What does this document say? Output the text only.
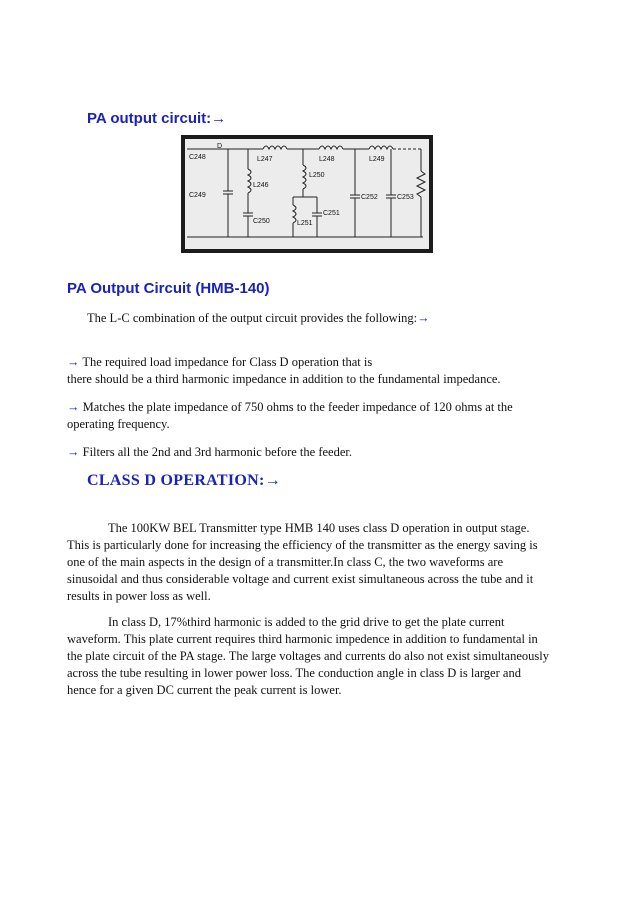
PA output circuit:→
C248
D
C249
L247	L248	L249
L246
L250
C250	L251
C251
C252	C253
PA Output Circuit (HMB-140)

The L-C combination of the output circuit provides the following:→

→ The required load impedance for Class D operation that is

there should be a third harmonic impedance in addition to the fundamental impedance.

→ Matches the plate impedance of 750 ohms to the feeder impedance of 120 ohms at the

operating frequency.

→ Filters all the 2nd and 3rd harmonic before the feeder.

CLASS D OPERATION:→

The 100KW BEL Transmitter type HMB 140 uses class D operation in output stage.

This is particularly done for increasing the efficiency of the transmitter as the energy saving is

one of the main aspects in the design of a transmitter.In class C, the two waveforms are

sinusoidal and thus considerable voltage and current exist simultaneous across the tube and it

results in power loss as well.

In class D, 17%third harmonic is added to the grid drive to get the plate current

waveform. This plate current requires third harmonic impedence in addition to fundamental in

the plate circuit of the PA stage. The large voltages and currents do also not exist simultaneously

across the tube resulting in lower power loss. The conduction angle in class D is larger and

hence for a given DC current the peak current is lower.
